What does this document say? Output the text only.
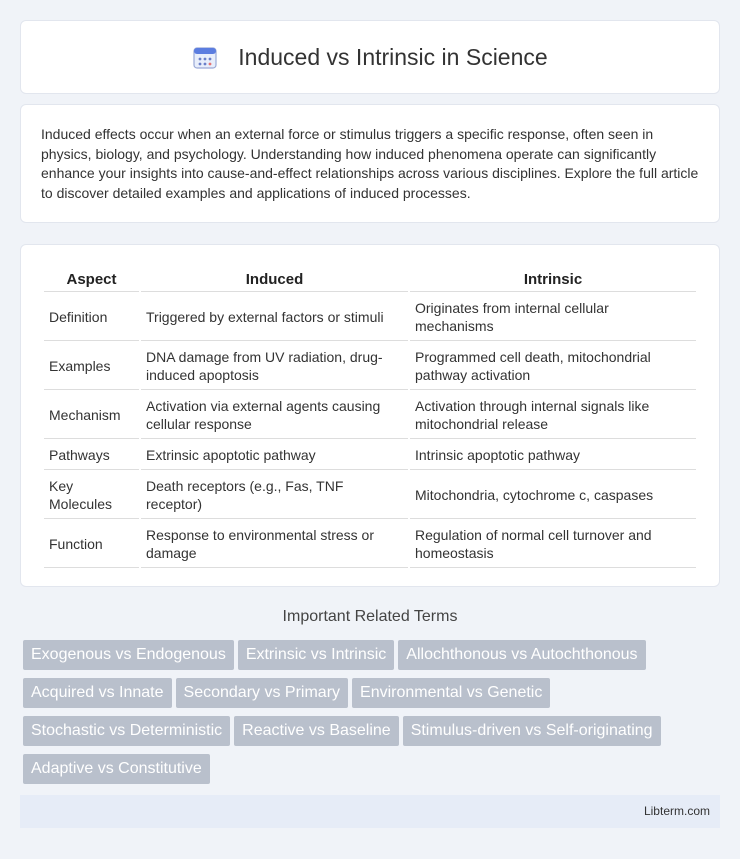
Induced vs Intrinsic in Science

Induced effects occur when an external force or stimulus triggers a specific response, often seen in physics, biology, and psychology. Understanding how induced phenomena operate can significantly enhance your insights into cause-and-effect relationships across various disciplines. Explore the full article to discover detailed examples and applications of induced processes.

Aspect	Induced	Intrinsic
Definition	Triggered by external factors or stimuli	Originates from internal cellular mechanisms
Examples	DNA damage from UV radiation, drug-induced apoptosis	Programmed cell death, mitochondrial pathway activation
Mechanism	Activation via external agents causing cellular response	Activation through internal signals like mitochondrial release
Pathways	Extrinsic apoptotic pathway	Intrinsic apoptotic pathway
Key Molecules	Death receptors (e.g., Fas, TNF receptor)	Mitochondria, cytochrome c, caspases
Function	Response to environmental stress or damage	Regulation of normal cell turnover and homeostasis
Important Related Terms
Exogenous vs Endogenous Extrinsic vs Intrinsic Allochthonous vs Autochthonous
Acquired vs Innate Secondary vs Primary Environmental vs Genetic
Stochastic vs Deterministic Reactive vs Baseline Stimulus-driven vs Self-originating
Adaptive vs Constitutive
Libterm.com
